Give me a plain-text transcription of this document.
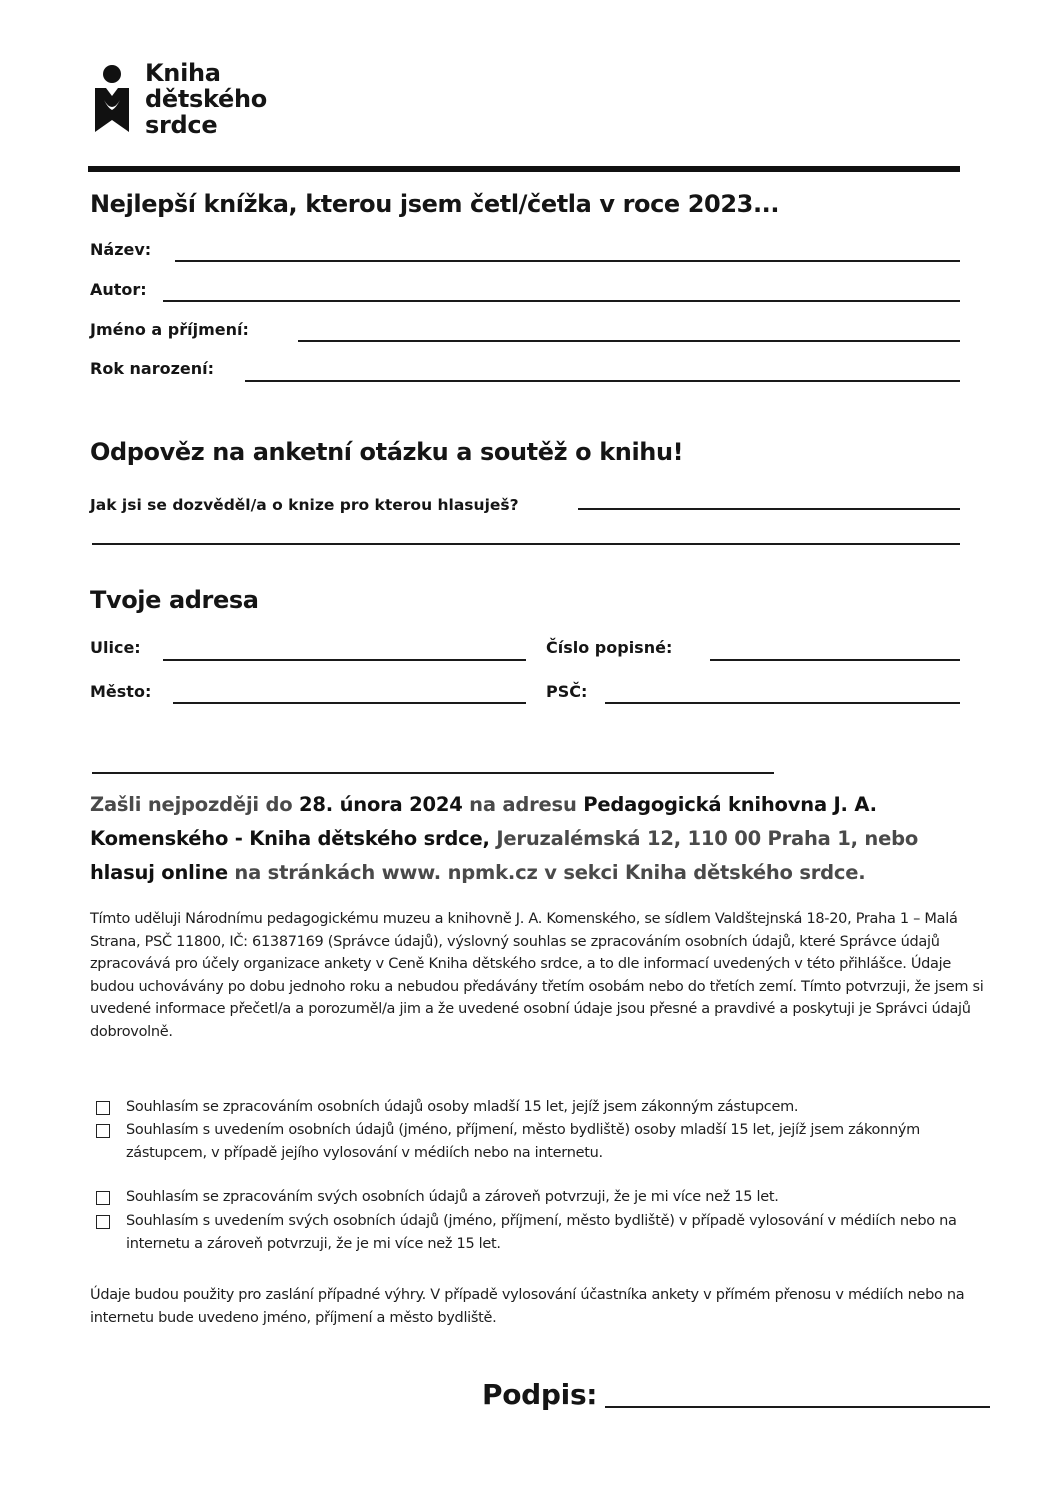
Kniha
dětského
srdce
Nejlepší knížka, kterou jsem četl/četla v roce 2023...
Název:
Autor:
Jméno a příjmení:
Rok narození:
Odpověz na anketní otázku a soutěž o knihu!
Jak jsi se dozvěděl/a o knize pro kterou hlasuješ?
Tvoje adresa
Ulice:	Číslo popisné:
Město:	PSČ:
Zašli nejpozději do 28. února 2024 na adresu Pedagogická knihovna J. A. Komenského - Kniha dětského srdce, Jeruzalémská 12, 110 00 Praha 1, nebo hlasuj online na stránkách www. npmk.cz v sekci Kniha dětského srdce.
Tímto uděluji Národnímu pedagogickému muzeu a knihovně J. A. Komenského, se sídlem Valdštejnská 18-20, Praha 1 – Malá Strana, PSČ 11800, IČ: 61387169 (Správce údajů), výslovný souhlas se zpracováním osobních údajů, které Správce údajů zpracovává pro účely organizace ankety v Ceně Kniha dětského srdce, a to dle informací uvedených v této přihlášce. Údaje budou uchovávány po dobu jednoho roku a nebudou předávány třetím osobám nebo do třetích zemí. Tímto potvrzuji, že jsem si uvedené informace přečetl/a a porozuměl/a jim a že uvedené osobní údaje jsou přesné a pravdivé a poskytuji je Správci údajů dobrovolně.
Souhlasím se zpracováním osobních údajů osoby mladší 15 let, jejíž jsem zákonným zástupcem.
Souhlasím s uvedením osobních údajů (jméno, příjmení, město bydliště) osoby mladší 15 let, jejíž jsem zákonným zástupcem, v případě jejího vylosování v médiích nebo na internetu.
Souhlasím se zpracováním svých osobních údajů a zároveň potvrzuji, že je mi více než 15 let.
Souhlasím s uvedením svých osobních údajů (jméno, příjmení, město bydliště) v případě vylosování v médiích nebo na internetu a zároveň potvrzuji, že je mi více než 15 let.
Údaje budou použity pro zaslání případné výhry. V případě vylosování účastníka ankety v přímém přenosu v médiích nebo na internetu bude uvedeno jméno, příjmení a město bydliště.
Podpis:
